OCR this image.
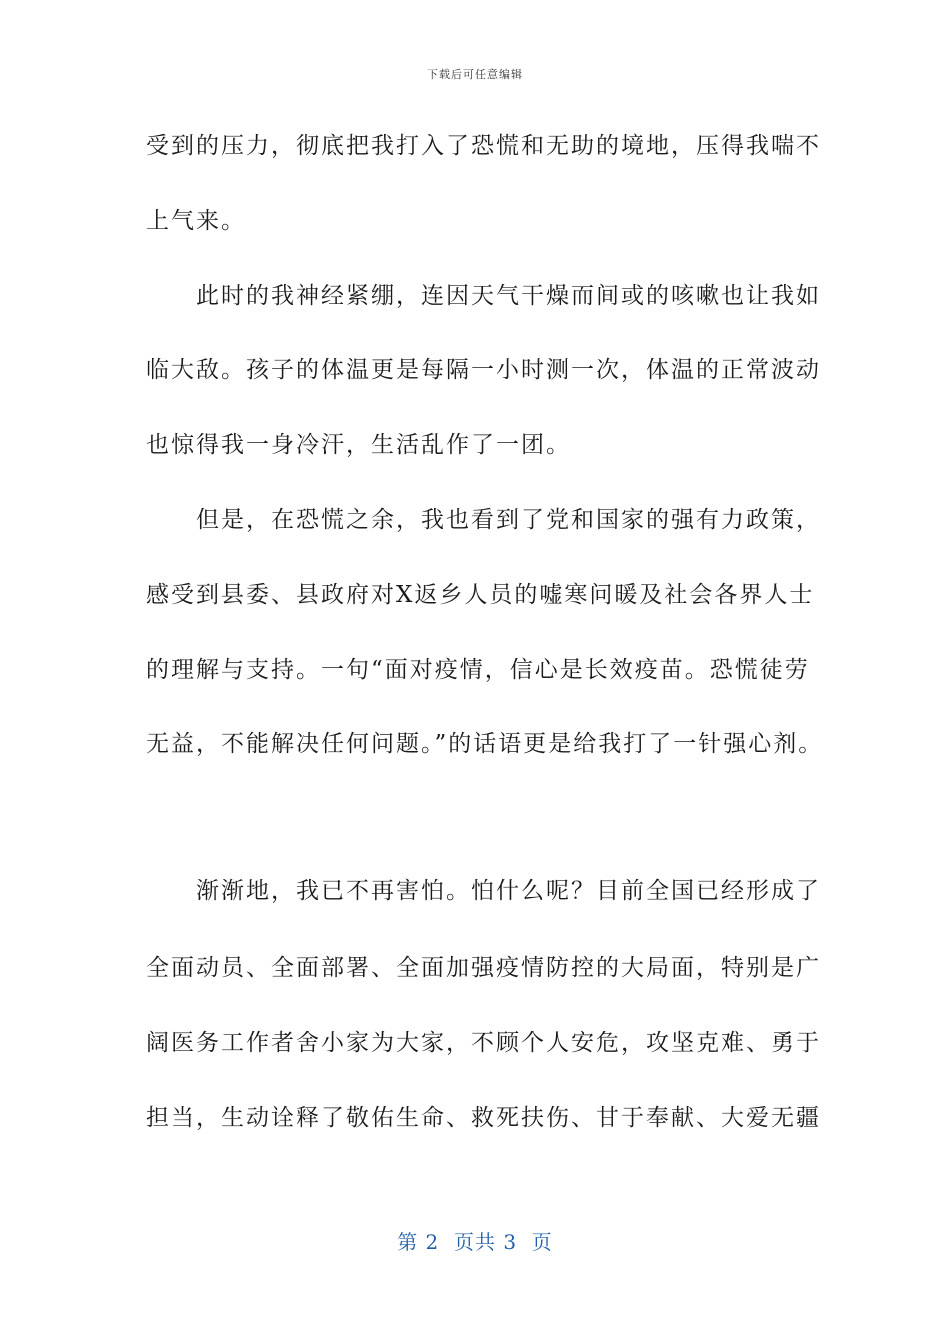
下载后可任意编辑
受到的压力，彻底把我打入了恐慌和无助的境地，压得我喘不
上气来。
　　此时的我神经紧绷，连因天气干燥而间或的咳嗽也让我如
临大敌。孩子的体温更是每隔一小时测一次，体温的正常波动
也惊得我一身冷汗，生活乱作了一团。
　　但是，在恐慌之余，我也看到了党和国家的强有力政策，
感受到县委、县政府对X返乡人员的嘘寒问暖及社会各界人士
的理解与支持。一句“面对疫情，信心是长效疫苗。恐慌徒劳
无益，不能解决任何问题。”的话语更是给我打了一针强心剂。
　　渐渐地，我已不再害怕。怕什么呢？目前全国已经形成了
全面动员、全面部署、全面加强疫情防控的大局面，特别是广
阔医务工作者舍小家为大家，不顾个人安危，攻坚克难、勇于
担当，生动诠释了敬佑生命、救死扶伤、甘于奉献、大爱无疆
第 2  页共 3  页
